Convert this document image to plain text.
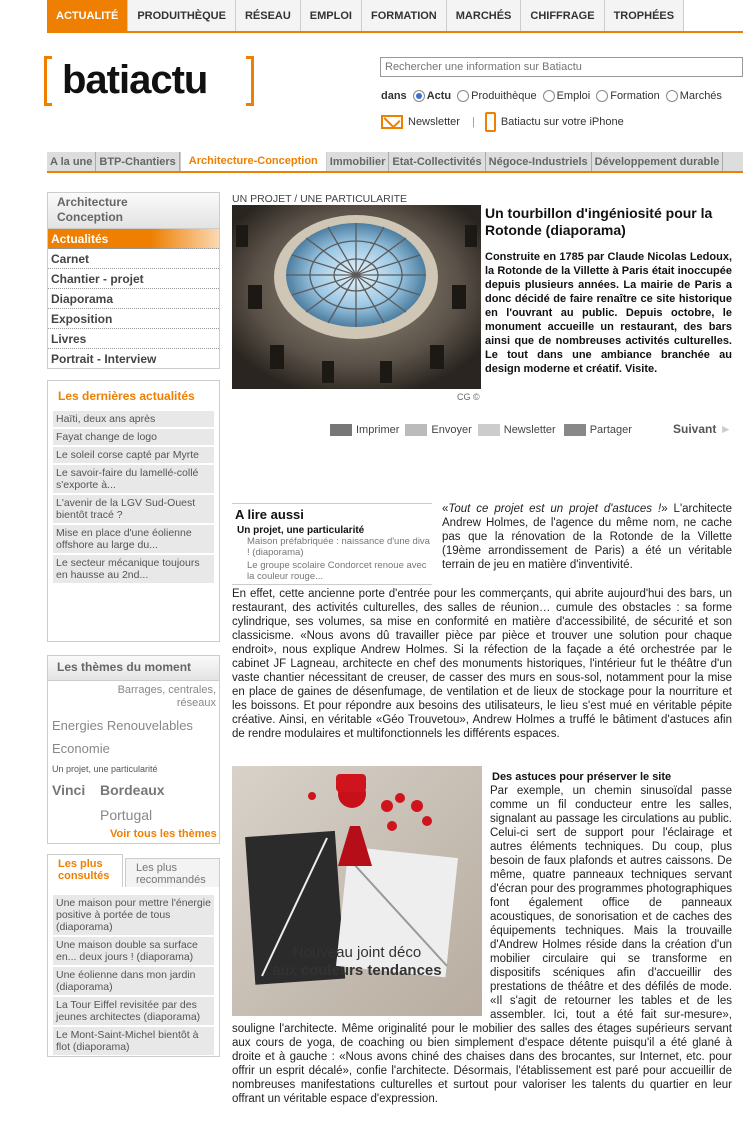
ACTUALITÉ	PRODUITHÈQUE	RÉSEAU	EMPLOI	FORMATION	MARCHÉS	CHIFFRAGE	TROPHÉES
batiactu
Rechercher une information sur Batiactu	dans Actu Produithèque Emploi Formation Marchés
Newsletter | Batiactu sur votre iPhone
A la une BTP-Chantiers	Architecture-Conception	Immobilier Etat-Collectivités Négoce-Industriels Développement durable
Architecture
Conception
Actualités
Carnet
Chantier - projet
Diaporama
Exposition
Livres
Portrait - Interview
Les dernières actualités
Haïti, deux ans après
Fayat change de logo
Le soleil corse capté par Myrte
Le savoir-faire du lamellé-collé s'exporte à...
L'avenir de la LGV Sud-Ouest bientôt tracé ?
Mise en place d'une éolienne offshore au large du...
Le secteur mécanique toujours en hausse au 2nd...
Les thèmes du moment
Barrages, centrales, réseaux
Energies Renouvelables
Economie
Un projet, une particularité
Vinci Bordeaux
Portugal
Voir tous les thèmes
Les plus consultés
Les plus recommandés
Une maison pour mettre l'énergie positive à portée de tous (diaporama)
Une maison double sa surface en... deux jours ! (diaporama)
Une éolienne dans mon jardin (diaporama)
La Tour Eiffel revisitée par des jeunes architectes (diaporama)
Le Mont-Saint-Michel bientôt à flot (diaporama)
UN PROJET / UNE PARTICULARITE
CG ©
Un tourbillon d'ingéniosité pour la Rotonde (diaporama)
Construite en 1785 par Claude Nicolas Ledoux, la Rotonde de la Villette à Paris était inoccupée depuis plusieurs années. La mairie de Paris a donc décidé de faire renaître ce site historique en l'ouvrant au public. Depuis octobre, le monument accueille un restaurant, des bars ainsi que de nombreuses activités culturelles. Le tout dans une ambiance branchée au design moderne et créatif. Visite.
Imprimer	Envoyer	Newsletter	Partager	Suivant ►
A lire aussi
Un projet, une particularité
Maison préfabriquée : naissance d'une diva ! (diaporama)
Le groupe scolaire Condorcet renoue avec la couleur rouge...
«Tout ce projet est un projet d'astuces !» L'architecte Andrew Holmes, de l'agence du même nom, ne cache pas que la rénovation de la Rotonde de la Villette (19ème arrondissement de Paris) a été un véritable terrain de jeu en matière d'inventivité.
En effet, cette ancienne porte d'entrée pour les commerçants, qui abrite aujourd'hui des bars, un restaurant, des activités culturelles, des salles de réunion… cumule des obstacles : sa forme cylindrique, ses volumes, sa mise en conformité en matière d'accessibilité, de sécurité et son classicisme. «Nous avons dû travailler pièce par pièce et trouver une solution pour chaque endroit», nous explique Andrew Holmes. Si la réfection de la façade a été orchestrée par le cabinet JF Lagneau, architecte en chef des monuments historiques, l'intérieur fut le théâtre d'un vaste chantier nécessitant de creuser, de casser des murs en sous-sol, notamment pour la mise en place de gaines de désenfumage, de ventilation et de lieux de stockage pour la nourriture et les boissons. Et pour répondre aux besoins des utilisateurs, le lieu s'est mué en véritable pépite créative. Ainsi, en véritable «Géo Trouvetou», Andrew Holmes a truffé le bâtiment d'astuces afin de rendre modulaires et multifonctionnels les différents espaces.
Nouveau joint déco
aux couleurs tendances
Des astuces pour préserver le site
Par exemple, un chemin sinusoïdal passe comme un fil conducteur entre les salles, signalant au passage les circulations au public. Celui-ci sert de support pour l'éclairage et autres éléments techniques. Du coup, plus besoin de faux plafonds et autres caissons. De même, quatre panneaux techniques servant d'écran pour des programmes photographiques font également office de panneaux acoustiques, de sonorisation et de caches des équipements techniques. Mais la trouvaille d'Andrew Holmes réside dans la création d'un mobilier circulaire qui se transforme en dispositifs scéniques afin d'accueillir des prestations de théâtre et des défilés de mode. «Il s'agit de retourner les tables et de les assembler. Ici, tout a été fait sur-mesure», souligne l'architecte. Même originalité pour le mobilier des salles des étages supérieurs servant aux cours de yoga, de coaching ou bien simplement d'espace détente puisqu'il a été glané à droite et à gauche : «Nous avons chiné des chaises dans des brocantes, sur Internet, etc. pour offrir un esprit décalé», confie l'architecte. Désormais, l'établissement est paré pour accueillir de nombreuses manifestations culturelles et surtout pour valoriser les talents du quartier en leur offrant un véritable espace d'expression.
